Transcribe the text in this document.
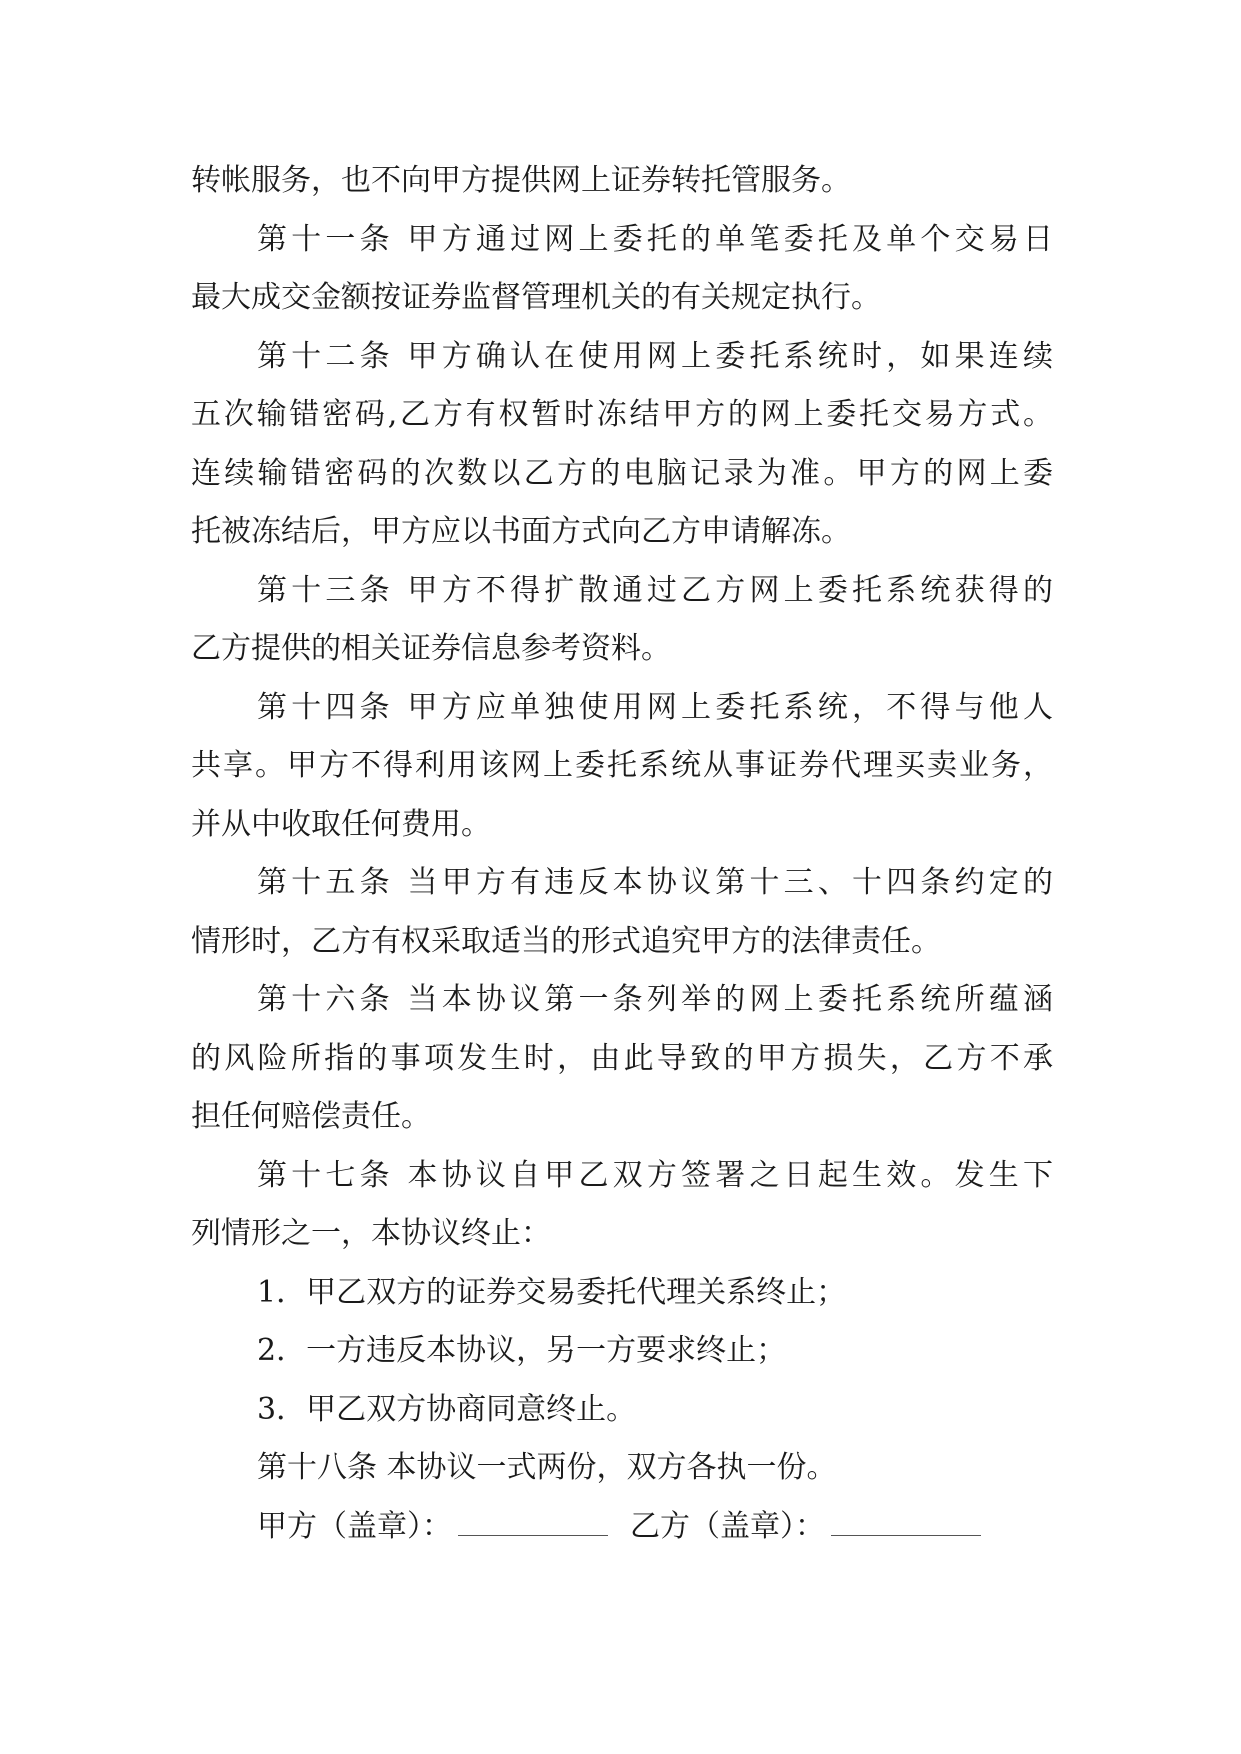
转帐服务，也不向甲方提供网上证券转托管服务。
第十一条 甲方通过网上委托的单笔委托及单个交易日
最大成交金额按证券监督管理机关的有关规定执行。
第十二条 甲方确认在使用网上委托系统时，如果连续
五次输错密码,乙方有权暂时冻结甲方的网上委托交易方式。
连续输错密码的次数以乙方的电脑记录为准。甲方的网上委
托被冻结后，甲方应以书面方式向乙方申请解冻。
第十三条 甲方不得扩散通过乙方网上委托系统获得的
乙方提供的相关证券信息参考资料。
第十四条 甲方应单独使用网上委托系统，不得与他人
共享。甲方不得利用该网上委托系统从事证券代理买卖业务，
并从中收取任何费用。
第十五条 当甲方有违反本协议第十三、十四条约定的
情形时，乙方有权采取适当的形式追究甲方的法律责任。
第十六条 当本协议第一条列举的网上委托系统所蕴涵
的风险所指的事项发生时，由此导致的甲方损失，乙方不承
担任何赔偿责任。
第十七条 本协议自甲乙双方签署之日起生效。发生下
列情形之一，本协议终止：
1．甲乙双方的证券交易委托代理关系终止；
2．一方违反本协议，另一方要求终止；
3．甲乙双方协商同意终止。
第十八条 本协议一式两份，双方各执一份。
甲方（盖章）：	乙方（盖章）：
